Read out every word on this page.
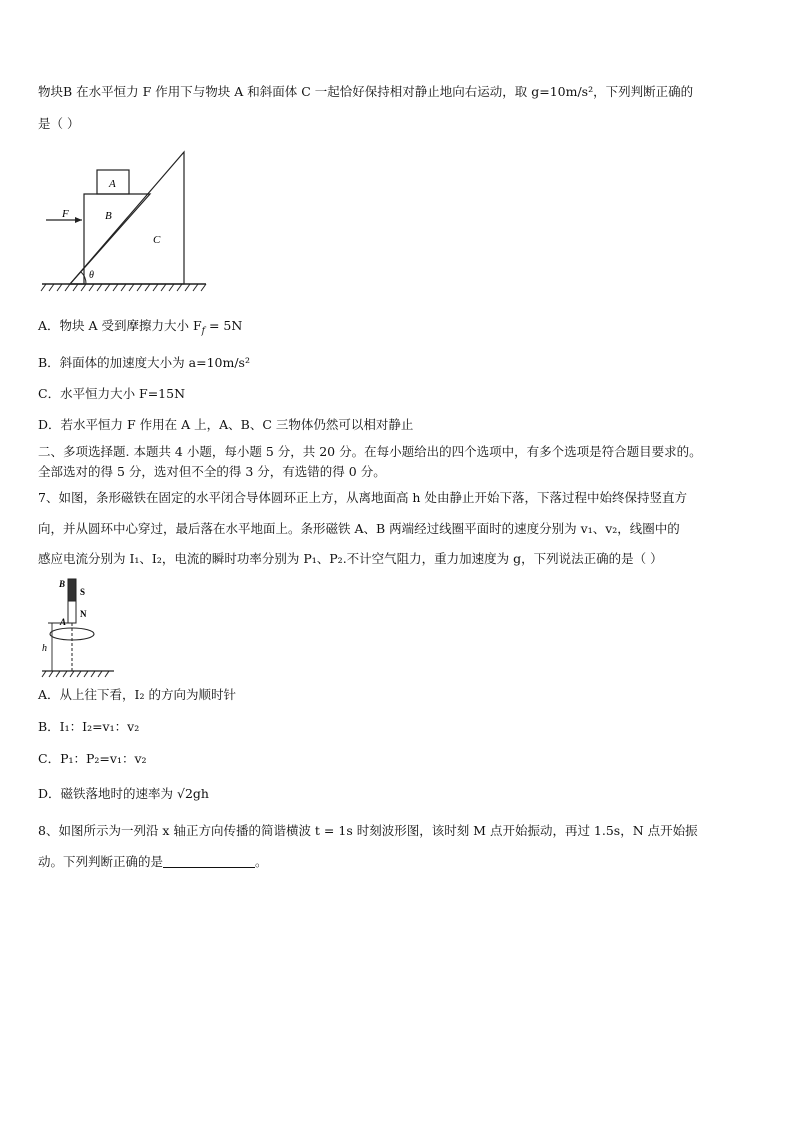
物块B 在水平恒力 F 作用下与物块 A 和斜面体 C 一起恰好保持相对静止地向右运动，取 g=10m/s²，下列判断正确的
是（ ）
A
B
C
F
θ
A．物块 A 受到摩擦力大小 $F_f = 5N$
B．斜面体的加速度大小为 a=10m/s²
C．水平恒力大小 F=15N
D．若水平恒力 F 作用在 A 上，A、B、C 三物体仍然可以相对静止
二、多项选择题. 本题共 4 小题，每小题 5 分，共 20 分。在每小题给出的四个选项中，有多个选项是符合题目要求的。
全部选对的得 5 分，选对但不全的得 3 分，有选错的得 0 分。
7、如图，条形磁铁在固定的水平闭合导体圆环正上方，从离地面高 h 处由静止开始下落，下落过程中始终保持竖直方
向，并从圆环中心穿过，最后落在水平地面上。条形磁铁 A、B 两端经过线圈平面时的速度分别为 v₁、v₂，线圈中的
感应电流分别为 I₁、I₂，电流的瞬时功率分别为 P₁、P₂.不计空气阻力，重力加速度为 g，下列说法正确的是（ ）
B
S
N
A
h
A．从上往下看，I₂ 的方向为顺时针
B．I₁：I₂=v₁：v₂
C．P₁：P₂=v₁：v₂
D．磁铁落地时的速率为 √2gh
8、如图所示为一列沿 x 轴正方向传播的简谐横波 t = 1s 时刻波形图，该时刻 M 点开始振动，再过 1.5s，N 点开始振
动。下列判断正确的是	。
